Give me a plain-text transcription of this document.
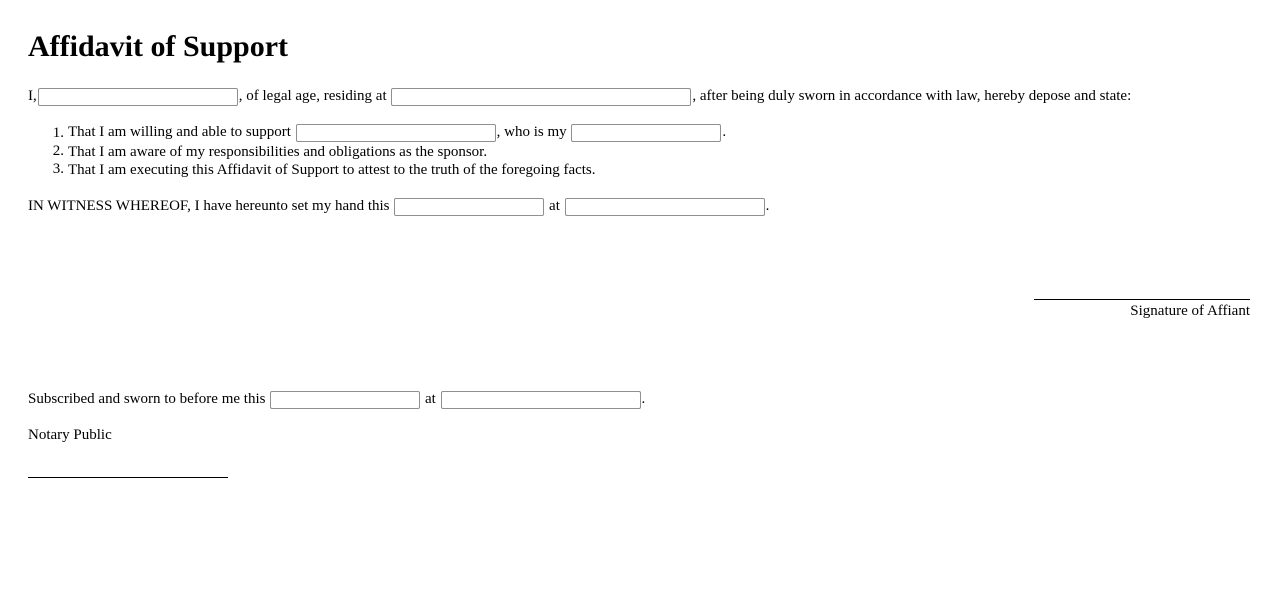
Affidavit of Support
I,	, of legal age, residing at	, after being duly sworn in accordance with law, hereby depose and state:
1. That I am willing and able to support	, who is my	.
2. That I am aware of my responsibilities and obligations as the sponsor.
3. That I am executing this Affidavit of Support to attest to the truth of the foregoing facts.
IN WITNESS WHEREOF, I have hereunto set my hand this	at	.
Signature of Affiant
Subscribed and sworn to before me this	at	.
Notary Public
